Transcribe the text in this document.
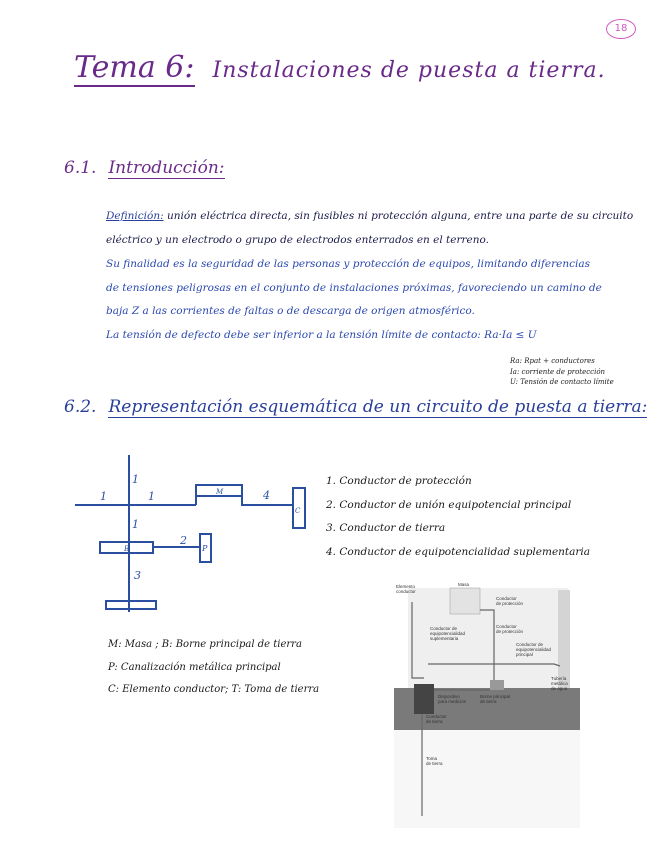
18
Tema 6: Instalaciones de puesta a tierra.
6.1. Introducción:
Definición: unión eléctrica directa, sin fusibles ni protección alguna, entre una parte de su circuito
eléctrico y un electrodo o grupo de electrodos enterrados en el terreno.
Su finalidad es la seguridad de las personas y protección de equipos, limitando diferencias
de tensiones peligrosas en el conjunto de instalaciones próximas, favoreciendo un camino de
baja Z a las corrientes de faltas o de descarga de origen atmosférico.
La tensión de defecto debe ser inferior a la tensión límite de contacto: Ra·Ia ≤ U
Ra: Rpat + conductores
Ia: corriente de protección
U: Tensión de contacto límite
6.2. Representación esquemática de un circuito de puesta a tierra:
1
1	1
1
2
3
4
M
C
B	P
1. Conductor de protección
2. Conductor de unión equipotencial principal
3. Conductor de tierra
4. Conductor de equipotencialidad suplementaria
M: Masa ; B: Borne principal de tierra
P: Canalización metálica principal
C: Elemento conductor; T: Toma de tierra
Elemento
conductor
Masa
Conductor
de protección
Conductor de
equipotencialidad
suplementaria
Conductor
de protección
Conductor de
equipotencialidad
principal
Tubería
metálica
de agua
Dispositivo
para medición
Borne principal
de tierra
Conductor
de tierra
Toma
de tierra
